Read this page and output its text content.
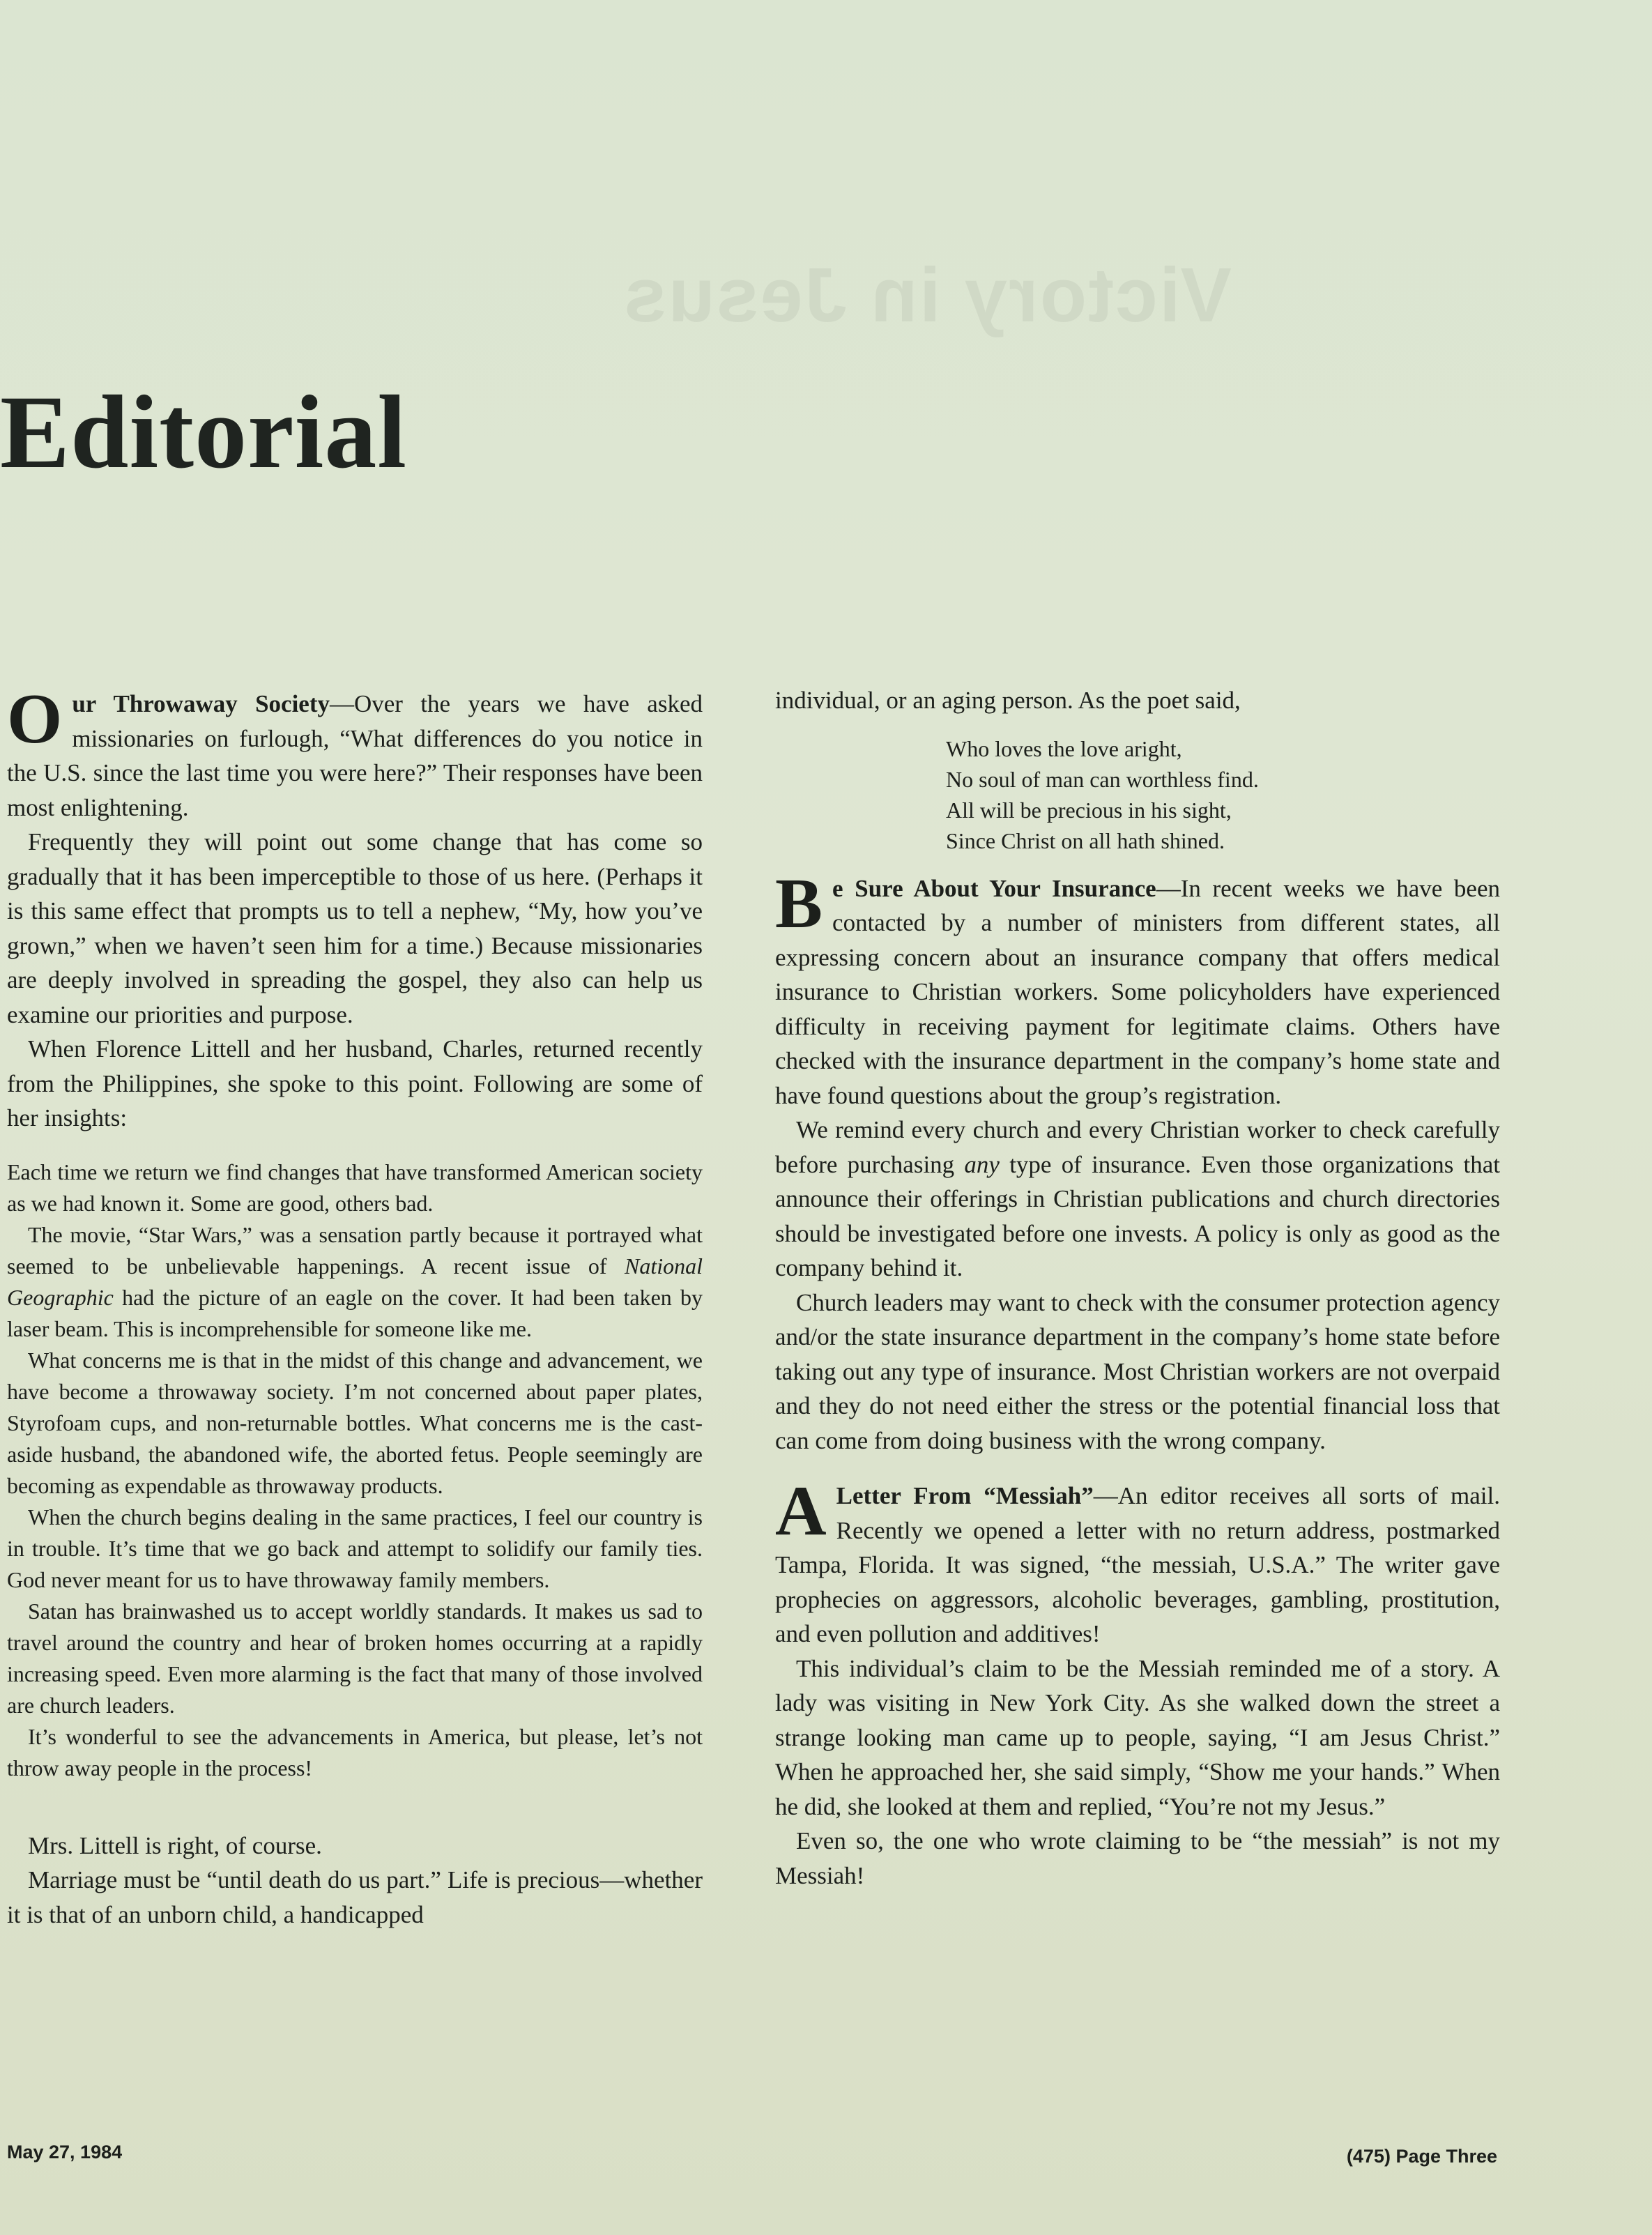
Victory in Jesus
Editorial

Our Throwaway Society—Over the years we have asked missionaries on furlough, “What differences do you notice in the U.S. since the last time you were here?” Their responses have been most enlightening.

Frequently they will point out some change that has come so gradually that it has been imperceptible to those of us here. (Perhaps it is this same effect that prompts us to tell a nephew, “My, how you’ve grown,” when we haven’t seen him for a time.) Because missionaries are deeply involved in spreading the gospel, they also can help us examine our priorities and purpose.

When Florence Littell and her husband, Charles, returned recently from the Philippines, she spoke to this point. Following are some of her insights:

Each time we return we find changes that have transformed American society as we had known it. Some are good, others bad.

The movie, “Star Wars,” was a sensation partly because it portrayed what seemed to be unbelievable happenings. A recent issue of National Geographic had the picture of an eagle on the cover. It had been taken by laser beam. This is incomprehensible for someone like me.

What concerns me is that in the midst of this change and advancement, we have become a throwaway society. I’m not concerned about paper plates, Styrofoam cups, and non-returnable bottles. What concerns me is the cast-aside husband, the abandoned wife, the aborted fetus. People seemingly are becoming as expendable as throwaway products.

When the church begins dealing in the same practices, I feel our country is in trouble. It’s time that we go back and attempt to solidify our family ties. God never meant for us to have throwaway family members.

Satan has brainwashed us to accept worldly standards. It makes us sad to travel around the country and hear of broken homes occurring at a rapidly increasing speed. Even more alarming is the fact that many of those involved are church leaders.

It’s wonderful to see the advancements in America, but please, let’s not throw away people in the process!

Mrs. Littell is right, of course.

Marriage must be “until death do us part.” Life is precious—whether it is that of an unborn child, a handicapped

individual, or an aging person. As the poet said,

Who loves the love aright,
No soul of man can worthless find.
All will be precious in his sight,
Since Christ on all hath shined.

Be Sure About Your Insurance—In recent weeks we have been contacted by a number of ministers from different states, all expressing concern about an insurance company that offers medical insurance to Christian workers. Some policyholders have experienced difficulty in receiving payment for legitimate claims. Others have checked with the insurance department in the company’s home state and have found questions about the group’s registration.

We remind every church and every Christian worker to check carefully before purchasing any type of insurance. Even those organizations that announce their offerings in Christian publications and church directories should be investigated before one invests. A policy is only as good as the company behind it.

Church leaders may want to check with the consumer protection agency and/or the state insurance department in the company’s home state before taking out any type of insurance. Most Christian workers are not overpaid and they do not need either the stress or the potential financial loss that can come from doing business with the wrong company.

A Letter From “Messiah”—An editor receives all sorts of mail. Recently we opened a letter with no return address, postmarked Tampa, Florida. It was signed, “the messiah, U.S.A.” The writer gave prophecies on aggressors, alcoholic beverages, gambling, prostitution, and even pollution and additives!

This individual’s claim to be the Messiah reminded me of a story. A lady was visiting in New York City. As she walked down the street a strange looking man came up to people, saying, “I am Jesus Christ.” When he approached her, she said simply, “Show me your hands.” When he did, she looked at them and replied, “You’re not my Jesus.”

Even so, the one who wrote claiming to be “the messiah” is not my Messiah!

May 27, 1984	(475) Page Three
